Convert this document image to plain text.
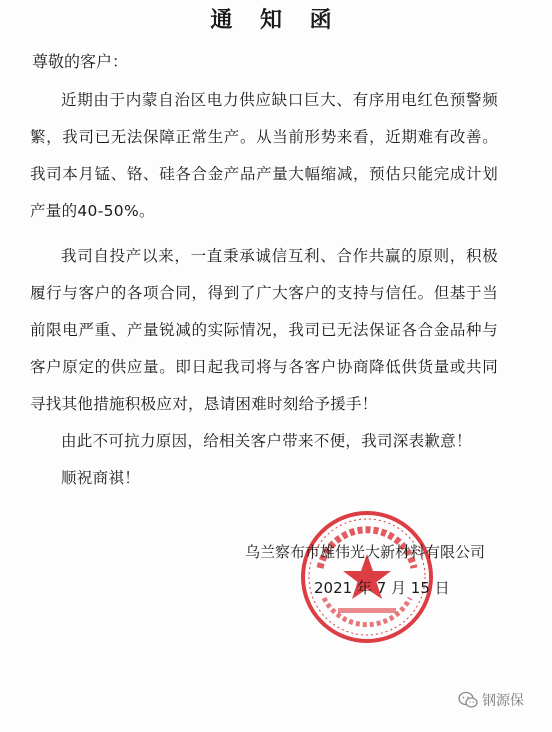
通 知 函
尊敬的客户：

近期由于内蒙自治区电力供应缺口巨大、有序用电红色预警频繁，我司已无法保障正常生产。从当前形势来看，近期难有改善。我司本月锰、铬、硅各合金产品产量大幅缩减，预估只能完成计划产量的40-50%。

我司自投产以来，一直秉承诚信互利、合作共赢的原则，积极履行与客户的各项合同，得到了广大客户的支持与信任。但基于当前限电严重、产量锐减的实际情况，我司已无法保证各合金品种与客户原定的供应量。即日起我司将与各客户协商降低供货量或共同寻找其他措施积极应对，恳请困难时刻给予援手！

由此不可抗力原因，给相关客户带来不便，我司深表歉意！

顺祝商祺！

乌兰察布市雄伟光大新材料有限公司
2021 年 7 月 15 日
钢源保
